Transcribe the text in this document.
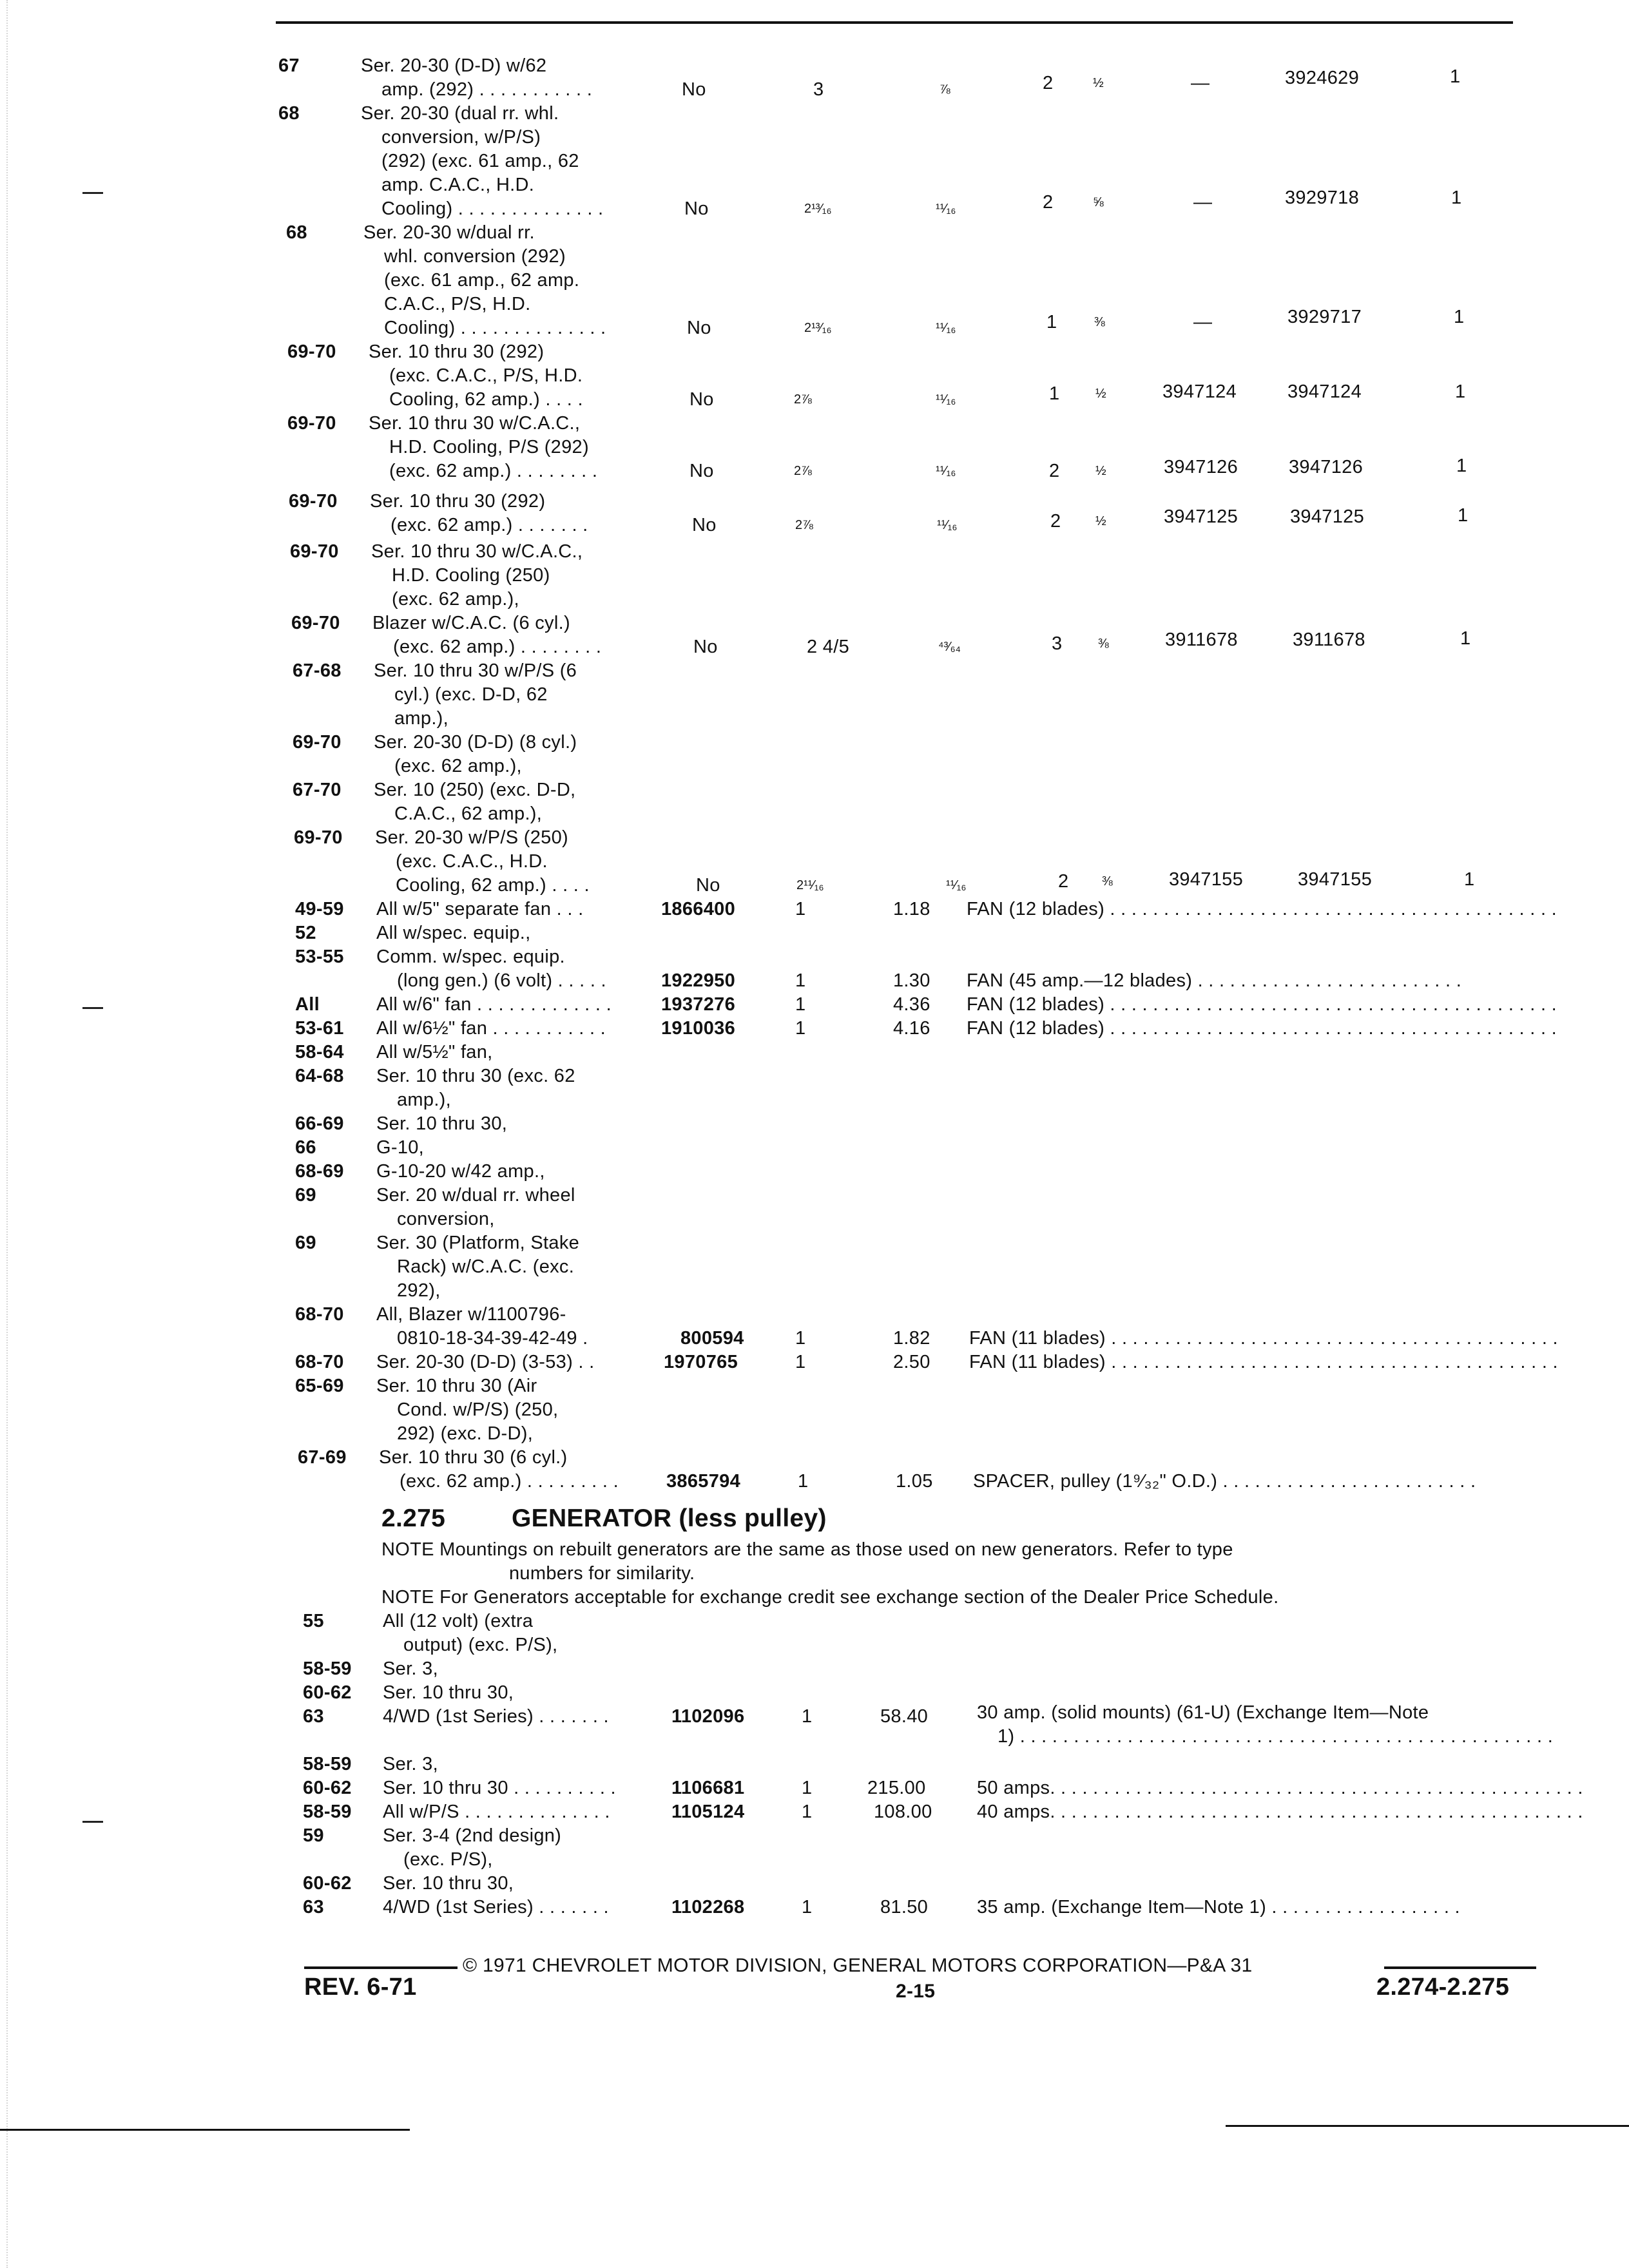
67	Ser. 20-30 (D-D) w/62
amp. (292) . . . . . . . . . . .	No	3	⅞	2	½	—	3924629	1
68	Ser. 20-30 (dual rr. whl.
conversion, w/P/S)
(292) (exc. 61 amp., 62
amp. C.A.C., H.D.
Cooling) . . . . . . . . . . . . . .	No	2¹³⁄₁₆	¹¹⁄₁₆	2	⅝	—	3929718	1
68	Ser. 20-30 w/dual rr.
whl. conversion (292)
(exc. 61 amp., 62 amp.
C.A.C., P/S, H.D.
Cooling) . . . . . . . . . . . . . .	No	2¹³⁄₁₆	¹¹⁄₁₆	1	⅜	—	3929717	1
69-70 Ser. 10 thru 30 (292)
(exc. C.A.C., P/S, H.D.
Cooling, 62 amp.) . . . .	No	2⅞	¹¹⁄₁₆	1	½	3947124	3947124	1
69-70 Ser. 10 thru 30 w/C.A.C.,
H.D. Cooling, P/S (292)
(exc. 62 amp.) . . . . . . . .	No	2⅞	¹¹⁄₁₆	2	½	3947126	3947126	1
69-70 Ser. 10 thru 30 (292)
(exc. 62 amp.) . . . . . . .	No	2⅞	¹¹⁄₁₆	2	½	3947125	3947125	1
69-70 Ser. 10 thru 30 w/C.A.C.,
H.D. Cooling (250)
(exc. 62 amp.),
69-70 Blazer w/C.A.C. (6 cyl.)
(exc. 62 amp.) . . . . . . . .	No	2 4/5	⁴³⁄₆₄	3	⅜	3911678	3911678	1
67-68 Ser. 10 thru 30 w/P/S (6
cyl.) (exc. D-D, 62
amp.),
69-70 Ser. 20-30 (D-D) (8 cyl.)
(exc. 62 amp.),
67-70 Ser. 10 (250) (exc. D-D,
C.A.C., 62 amp.),
69-70 Ser. 20-30 w/P/S (250)
(exc. C.A.C., H.D.
Cooling, 62 amp.) . . . .	No	2¹¹⁄₁₆	¹¹⁄₁₆	2	⅜	3947155	3947155	1
49-59 All w/5" separate fan . . .	1866400	1	1.18 FAN (12 blades) . . . . . . . . . . . . . . . . . . . . . . . . . . . . . . . . . . . . . . . . . .
52	All w/spec. equip.,
53-55 Comm. w/spec. equip.
(long gen.) (6 volt) . . . . .	1922950	1	1.30 FAN (45 amp.—12 blades) . . . . . . . . . . . . . . . . . . . . . . . . .
All	All w/6" fan . . . . . . . . . . . . .	1937276	1	4.36 FAN (12 blades) . . . . . . . . . . . . . . . . . . . . . . . . . . . . . . . . . . . . . . . . . .
53-61 All w/6½" fan . . . . . . . . . . .	1910036	1	4.16 FAN (12 blades) . . . . . . . . . . . . . . . . . . . . . . . . . . . . . . . . . . . . . . . . . .
58-64 All w/5½" fan,
64-68 Ser. 10 thru 30 (exc. 62
amp.),
66-69 Ser. 10 thru 30,
66	G-10,
68-69 G-10-20 w/42 amp.,
69	Ser. 20 w/dual rr. wheel
conversion,
69	Ser. 30 (Platform, Stake
Rack) w/C.A.C. (exc.
292),
68-70 All, Blazer w/1100796-
0810-18-34-39-42-49 .	800594	1	1.82 FAN (11 blades) . . . . . . . . . . . . . . . . . . . . . . . . . . . . . . . . . . . . . . . . . .
68-70 Ser. 20-30 (D-D) (3-53) . .	1970765	1	2.50 FAN (11 blades) . . . . . . . . . . . . . . . . . . . . . . . . . . . . . . . . . . . . . . . . . .
65-69 Ser. 10 thru 30 (Air
Cond. w/P/S) (250,
292) (exc. D-D),
67-69 Ser. 10 thru 30 (6 cyl.)
(exc. 62 amp.) . . . . . . . . .	3865794	1	1.05 SPACER, pulley (1⁹⁄₃₂" O.D.) . . . . . . . . . . . . . . . . . . . . . . . .
2.275	GENERATOR (less pulley)
NOTE Mountings on rebuilt generators are the same as those used on new generators. Refer to type
numbers for similarity.
NOTE For Generators acceptable for exchange credit see exchange section of the Dealer Price Schedule.
55	All (12 volt) (extra
output) (exc. P/S),
58-59 Ser. 3,
60-62 Ser. 10 thru 30,
63	4/WD (1st Series) . . . . . . .	1102096	1	58.40	30 amp. (solid mounts) (61-U) (Exchange Item—Note
1) . . . . . . . . . . . . . . . . . . . . . . . . . . . . . . . . . . . . . . . . . . . . . . . . . .
58-59 Ser. 3,
60-62 Ser. 10 thru 30 . . . . . . . . . .	1106681	1	215.00	50 amps. . . . . . . . . . . . . . . . . . . . . . . . . . . . . . . . . . . . . . . . . . . . . . . . . .
58-59 All w/P/S . . . . . . . . . . . . . .	1105124	1	108.00 40 amps. . . . . . . . . . . . . . . . . . . . . . . . . . . . . . . . . . . . . . . . . . . . . . . . . .
59	Ser. 3-4 (2nd design)
(exc. P/S),
60-62 Ser. 10 thru 30,
63	4/WD (1st Series) . . . . . . .	1102268	1	81.50	35 amp. (Exchange Item—Note 1) . . . . . . . . . . . . . . . . . .
© 1971 CHEVROLET MOTOR DIVISION, GENERAL MOTORS CORPORATION—P&A 31
REV. 6-71	2-15	2.274-2.275
